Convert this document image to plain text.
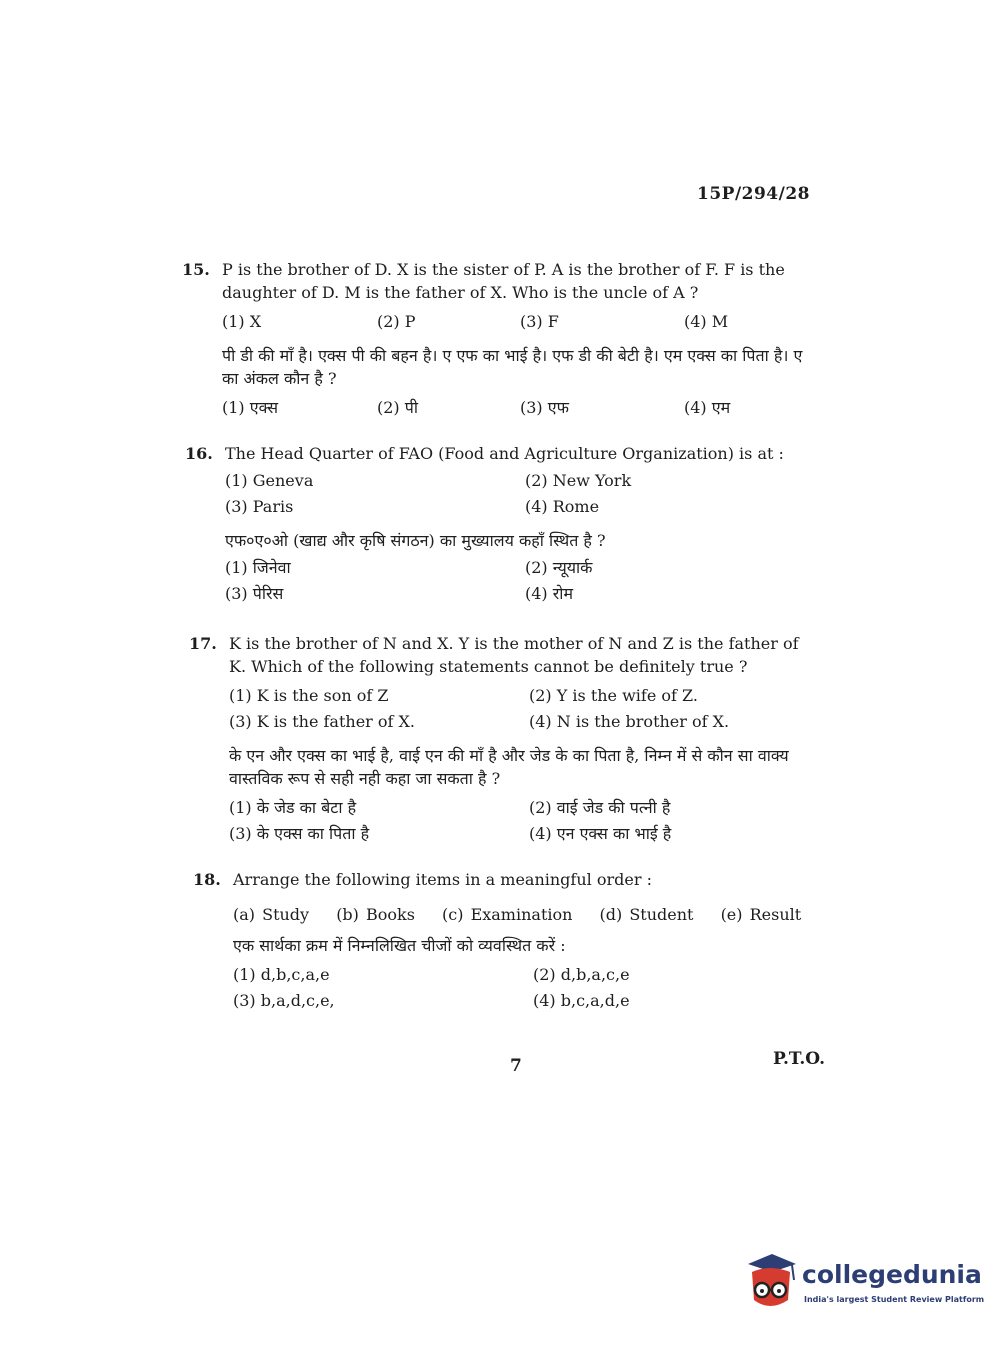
15P/294/28
15. P is the brother of D. X is the sister of P. A is the brother of F. F is the daughter of D. M is the father of X. Who is the uncle of A ?
(1) X	(2) P	(3) F	(4) M
पी डी की माँ है। एक्स पी की बहन है। ए एफ का भाई है। एफ डी की बेटी है। एम एक्स का पिता है। ए का अंकल कौन है ?
(1) एक्स	(2) पी	(3) एफ	(4) एम
16. The Head Quarter of FAO (Food and Agriculture Organization) is at :
(1) Geneva	(2) New York
(3) Paris	(4) Rome
एफ०ए०ओ (खाद्य और कृषि संगठन) का मुख्यालय कहाँ स्थित है ?
(1) जिनेवा	(2) न्यूयार्क
(3) पेरिस	(4) रोम
17. K is the brother of N and X. Y is the mother of N and Z is the father of K. Which of the following statements cannot be definitely true ?
(1) K is the son of Z	(2) Y is the wife of Z.
(3) K is the father of X.	(4) N is the brother of X.
के एन और एक्स का भाई है, वाई एन की माँ है और जेड के का पिता है, निम्न में से कौन सा वाक्य वास्तविक रूप से सही नही कहा जा सकता है ?
(1) के जेड का बेटा है	(2) वाई जेड की पत्नी है
(3) के एक्स का पिता है	(4) एन एक्स का भाई है
18. Arrange the following items in a meaningful order :
(a) Study (b) Books (c) Examination (d) Student (e) Result
एक सार्थका क्रम में निम्नलिखित चीजों को व्यवस्थित करें :
(1) d,b,c,a,e	(2) d,b,a,c,e
(3) b,a,d,c,e,	(4) b,c,a,d,e
7	P.T.O.
collegedunia
India's largest Student Review Platform
